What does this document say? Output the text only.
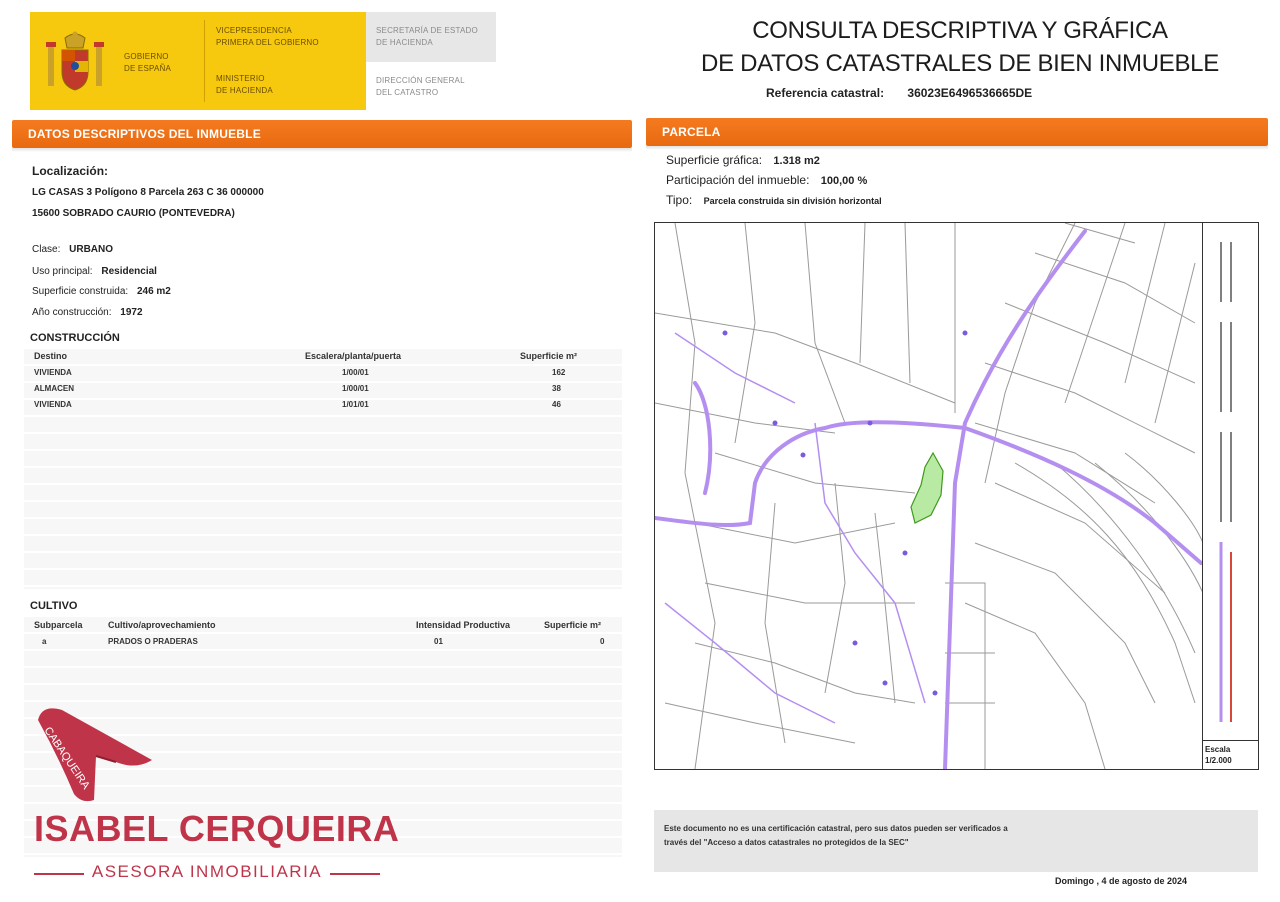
GOBIERNO
DE ESPAÑA
VICEPRESIDENCIA
PRIMERA DEL GOBIERNO
MINISTERIO
DE HACIENDA
SECRETARÍA DE ESTADO
DE HACIENDA
DIRECCIÓN GENERAL
DEL CATASTRO
CONSULTA DESCRIPTIVA Y GRÁFICA
DE DATOS CATASTRALES DE BIEN INMUEBLE
Referencia catastral: 36023E6496536665DE
DATOS DESCRIPTIVOS DEL INMUEBLE
Localización:
LG CASAS 3 Polígono 8 Parcela 263 C 36 000000
15600 SOBRADO CAURIO (PONTEVEDRA)
Clase: URBANO
Uso principal: Residencial
Superficie construida: 246 m2
Año construcción: 1972
CONSTRUCCIÓN
Destino	Escalera/planta/puerta	Superficie m²
VIVIENDA	1/00/01	162
ALMACEN	1/00/01	38
VIVIENDA	1/01/01	46
CULTIVO
Subparcela	Cultivo/aprovechamiento	Intensidad Productiva	Superficie m²
a	PRADOS O PRADERAS	01	0
PARCELA
Superficie gráfica: 1.318 m2
Participación del inmueble: 100,00 %
Tipo: Parcela construida sin división horizontal
Escala
1/2.000
Este documento no es una certificación catastral, pero sus datos pueden ser verificados a
través del "Acceso a datos catastrales no protegidos de la SEC"
Domingo , 4 de agosto de 2024
CABAQUEIRA
ISABEL CERQUEIRA
ASESORA INMOBILIARIA
